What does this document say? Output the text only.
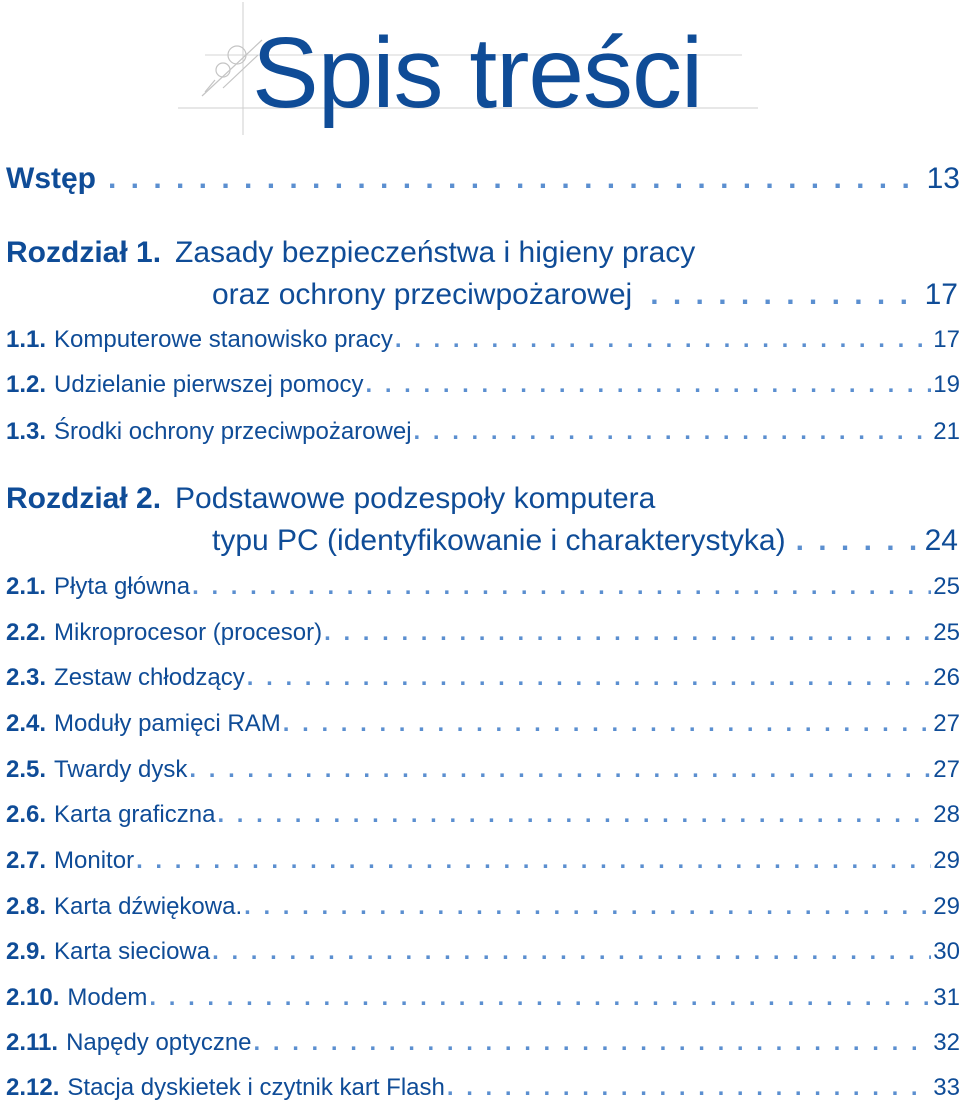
Spis treści
Wstęp . . .	13
Rozdział 1. Zasady bezpieczeństwa i higieny pracy
oraz ochrony przeciwpożarowej . . .	17
1.1. Komputerowe stanowisko pracy . . .	17
1.2. Udzielanie pierwszej pomocy . . .	19
1.3. Środki ochrony przeciwpożarowej . . .	21
Rozdział 2. Podstawowe podzespoły komputera
typu PC (identyfikowanie i charakterystyka) . . .	24
2.1. Płyta główna . . .	25
2.2. Mikroprocesor (procesor) . . .	25
2.3. Zestaw chłodzący . . .	26
2.4. Moduły pamięci RAM . . .	27
2.5. Twardy dysk . . .	27
2.6. Karta graficzna . . .	28
2.7. Monitor . . .	29
2.8. Karta dźwiękowa. . . .	29
2.9. Karta sieciowa . . .	30
2.10. Modem . . .	31
2.11. Napędy optyczne . . .	32
2.12. Stacja dyskietek i czytnik kart Flash . . .	33
